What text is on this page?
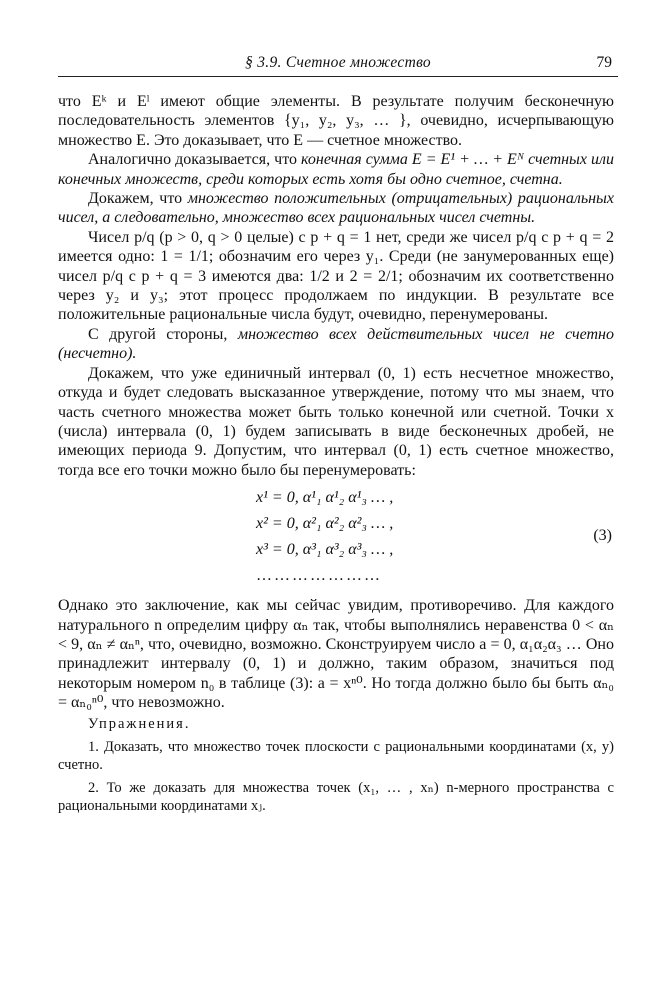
§ 3.9. Счетное множество	79

что Eᵏ и Eˡ имеют общие элементы. В результате получим бесконечную последовательность элементов {y₁, y₂, y₃, … }, очевидно, исчерпывающую множество E. Это доказывает, что E — счетное множество.

Аналогично доказывается, что конечная сумма E = E¹ + … + Eᴺ счетных или конечных множеств, среди которых есть хотя бы одно счетное, счетна.

Докажем, что множество положительных (отрицательных) рациональных чисел, а следовательно, множество всех рациональных чисел счетны.

Чисел p/q (p > 0, q > 0 целые) с p + q = 1 нет, среди же чисел p/q с p + q = 2 имеется одно: 1 = 1/1; обозначим его через y₁. Среди (не занумерованных еще) чисел p/q с p + q = 3 имеются два: 1/2 и 2 = 2/1; обозначим их соответственно через y₂ и y₃; этот процесс продолжаем по индукции. В результате все положительные рациональные числа будут, очевидно, перенумерованы.

С другой стороны, множество всех действительных чисел не счетно (несчетно).

Докажем, что уже единичный интервал (0, 1) есть несчетное множество, откуда и будет следовать высказанное утверждение, потому что мы знаем, что часть счетного множества может быть только конечной или счетной. Точки x (числа) интервала (0, 1) будем записывать в виде бесконечных дробей, не имеющих периода 9. Допустим, что интервал (0, 1) есть счетное множество, тогда все его точки можно было бы перенумеровать:

x¹ = 0, α¹₁ α¹₂ α¹₃ … ,
x² = 0, α²₁ α²₂ α²₃ … ,
x³ = 0, α³₁ α³₂ α³₃ … ,
…………………
(3)

Однако это заключение, как мы сейчас увидим, противоречиво. Для каждого натурального n определим цифру αₙ так, чтобы выполнялись неравенства 0 < αₙ < 9, αₙ ≠ αₙⁿ, что, очевидно, возможно. Сконструируем число a = 0, α₁α₂α₃ … Оно принадлежит интервалу (0, 1) и должно, таким образом, значиться под некоторым номером n₀ в таблице (3): a = xⁿ⁰. Но тогда должно было бы быть αₙ₀ = αₙ₀ⁿ⁰, что невозможно.

Упражнения.

1. Доказать, что множество точек плоскости с рациональными координатами (x, y) счетно.

2. То же доказать для множества точек (x₁, … , xₙ) n-мерного пространства с рациональными координатами xⱼ.
